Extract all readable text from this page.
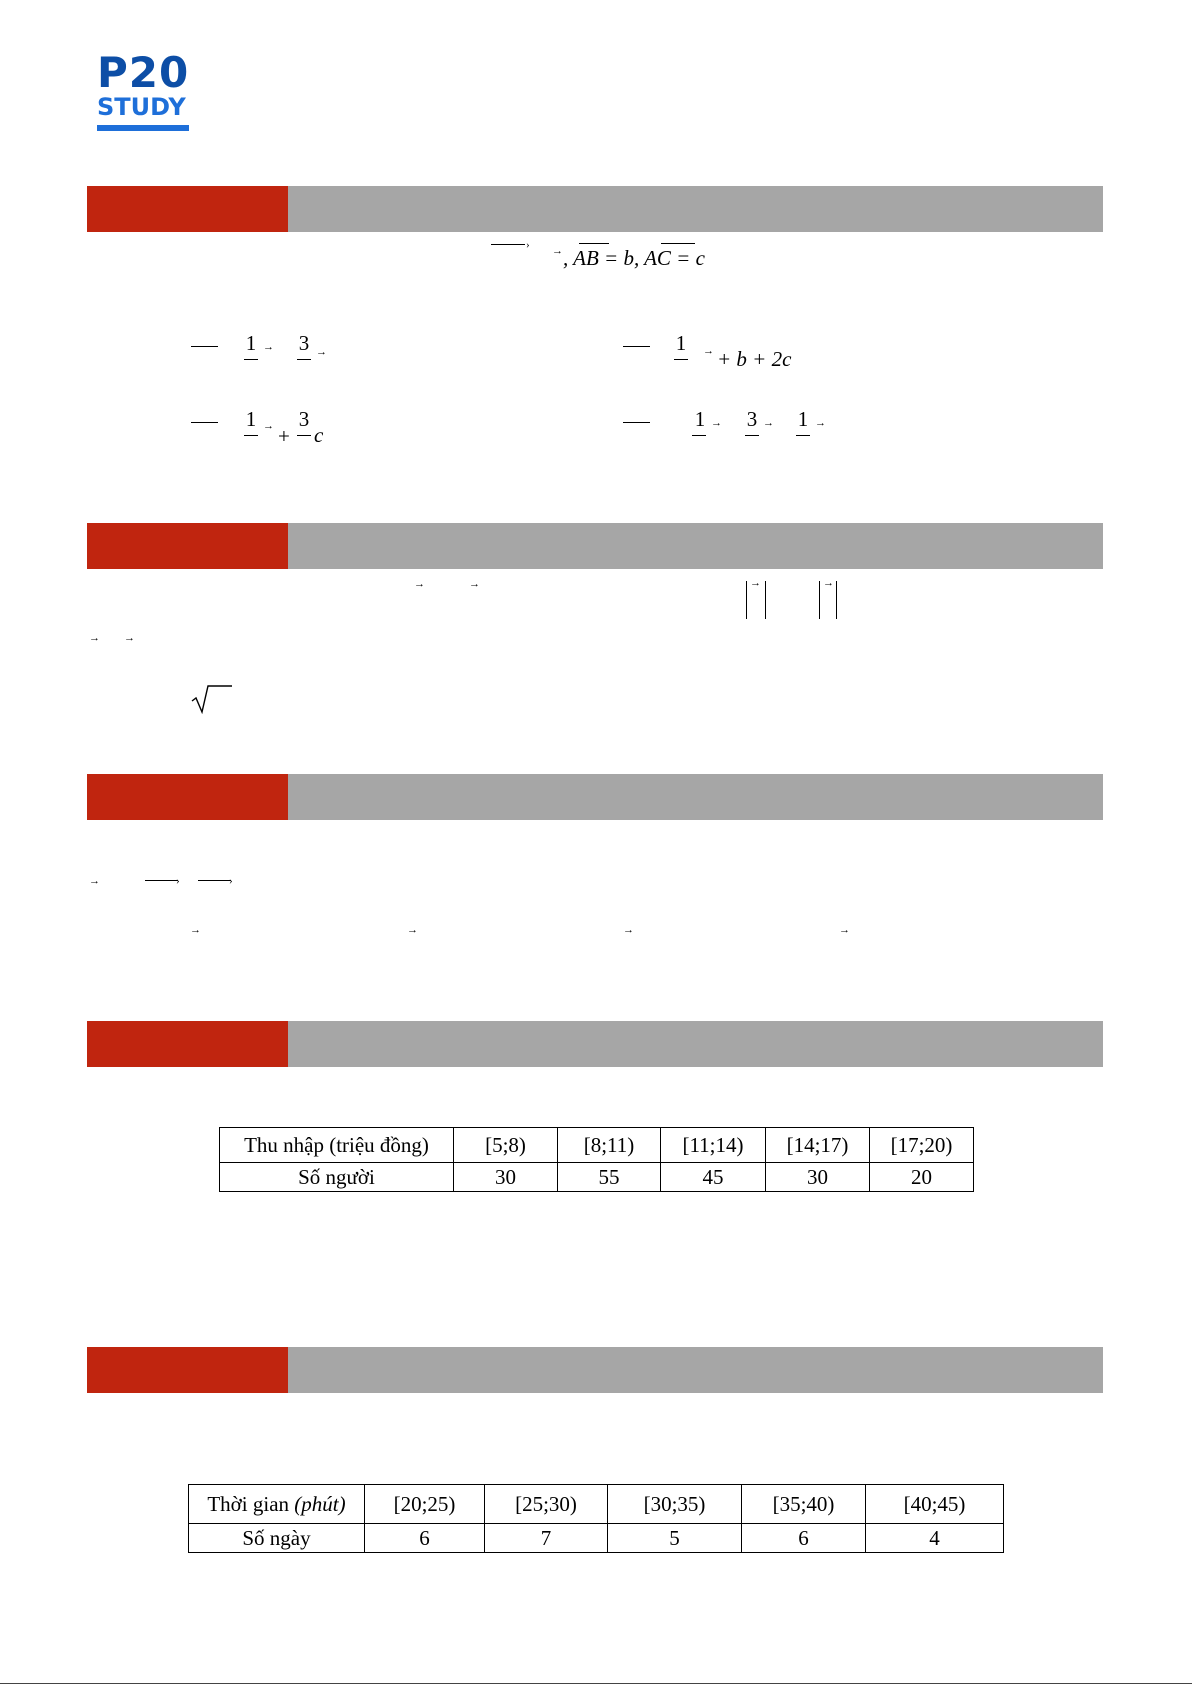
P20
STUDY
› → , AB = b, AC = c
1 → 3 →	1 → + b + 2c
1 → +
3
c
1 → 3 → 1 →
→	→	‖ → ‖	‖ → ‖
→ →
→	›	›
→	→	→	→
Thu nhập (triệu đồng)	[5;8)	[8;11)	[11;14)	[14;17)	[17;20)
Số người	30	55	45	30	20
Thời gian (phút)	[20;25)	[25;30)	[30;35)	[35;40)	[40;45)
Số ngày	6	7	5	6	4
